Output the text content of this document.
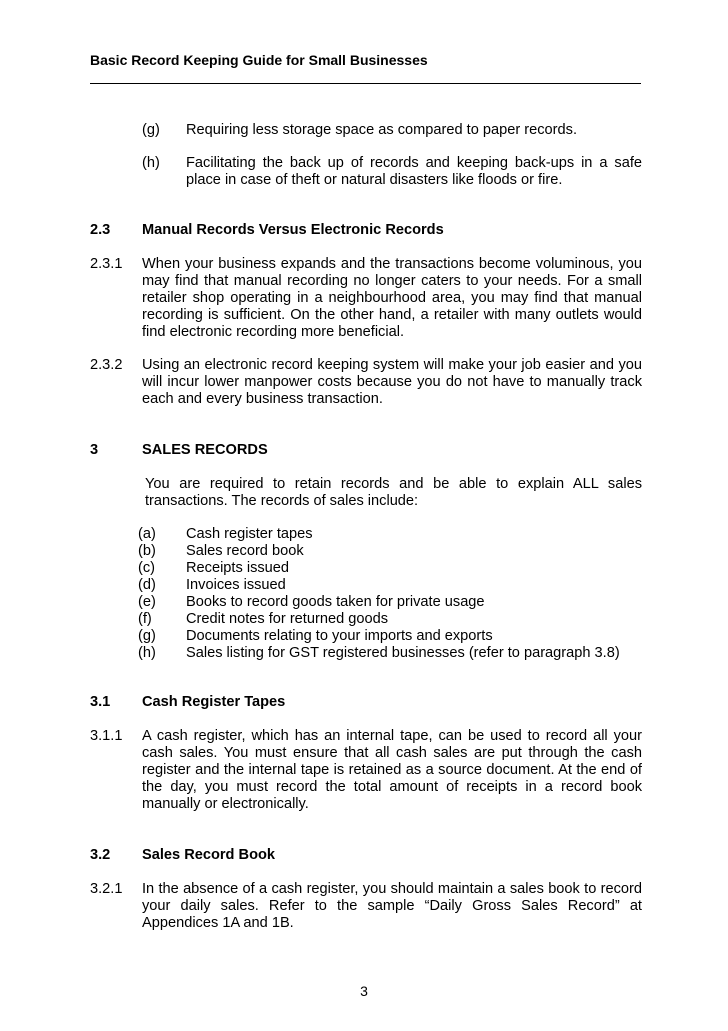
Basic Record Keeping Guide for Small Businesses
(g) Requiring less storage space as compared to paper records.
(h) Facilitating the back up of records and keeping back-ups in a safe
place in case of theft or natural disasters like floods or fire.
2.3 Manual Records Versus Electronic Records
2.3.1 When your business expands and the transactions become voluminous, you may find that manual recording no longer caters to your needs. For a small retailer shop operating in a neighbourhood area, you may find that manual recording is sufficient. On the other hand, a retailer with many outlets would find electronic recording more beneficial.
2.3.2 Using an electronic record keeping system will make your job easier and you will incur lower manpower costs because you do not have to manually track each and every business transaction.
3	SALES RECORDS
You are required to retain records and be able to explain ALL sales transactions. The records of sales include:
(a) Cash register tapes
(b) Sales record book
(c) Receipts issued
(d) Invoices issued
(e) Books to record goods taken for private usage
(f) Credit notes for returned goods
(g) Documents relating to your imports and exports
(h) Sales listing for GST registered businesses (refer to paragraph 3.8)
3.1 Cash Register Tapes
3.1.1 A cash register, which has an internal tape, can be used to record all your cash sales. You must ensure that all cash sales are put through the cash register and the internal tape is retained as a source document. At the end of the day, you must record the total amount of receipts in a record book manually or electronically.
3.2 Sales Record Book
3.2.1 In the absence of a cash register, you should maintain a sales book to record your daily sales. Refer to the sample “Daily Gross Sales Record” at Appendices 1A and 1B.
3
